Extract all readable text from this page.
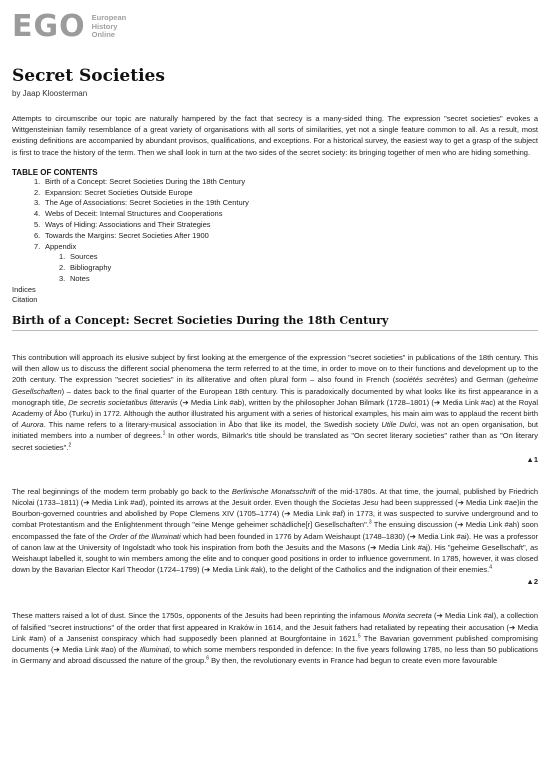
EGO European
History
Online
Secret Societies
by Jaap Kloosterman

Attempts to circumscribe our topic are naturally hampered by the fact that secrecy is a many-sided thing. The expression "secret societies" evokes a Wittgensteinian family resemblance of a great variety of organisations with all sorts of similarities, yet not a single feature common to all. As a result, most existing definitions are accompanied by abundant provisos, qualifications, and exceptions. For a historical survey, the easiest way to get a grasp of the subject is first to trace the history of the term. Then we shall look in turn at the two sides of the secret society: its bringing together of men who are hiding something.

TABLE OF CONTENTS
1. Birth of a Concept: Secret Societies During the 18th Century
2. Expansion: Secret Societies Outside Europe
3. The Age of Associations: Secret Societies in the 19th Century
4. Webs of Deceit: Internal Structures and Cooperations
5. Ways of Hiding: Associations and Their Strategies
6. Towards the Margins: Secret Societies After 1900
7. Appendix
1. Sources
2. Bibliography
3. Notes
Indices
Citation
Birth of a Concept: Secret Societies During the 18th Century

This contribution will approach its elusive subject by first looking at the emergence of the expression "secret societies" in publications of the 18th century. This will then allow us to discuss the different social phenomena the term referred to at the time, in order to move on to their functions and development up to the 20th century. The expression "secret societies" in its alliterative and often plural form – also found in French (sociétés secrètes) and German (geheime Gesellschaften) – dates back to the final quarter of the European 18th century. This is paradoxically documented by what looks like its first appearance in a monograph title, De secretis societatibus litterariis (➔ Media Link #ab), written by the philosopher Johan Bilmark (1728–1801) (➔ Media Link #ac) at the Royal Academy of Åbo (Turku) in 1772. Although the author illustrated his argument with a series of historical examples, his main aim was to applaud the recent birth of Aurora. This name refers to a literary-musical association in Åbo that like its model, the Swedish society Utile Dulci, was not an open organisation, but initiated members into a number of degrees.$^1$ In other words, Bilmark's title should be translated as "On secret literary societies" rather than as "On literary secret societies".$^2$

▲1

The real beginnings of the modern term probably go back to the Berlinische Monatsschrift of the mid-1780s. At that time, the journal, published by Friedrich Nicolai (1733–1811) (➔ Media Link #ad), pointed its arrows at the Jesuit order. Even though the Societas Jesu had been suppressed (➔ Media Link #ae)in the Bourbon-governed countries and abolished by Pope Clemens XIV (1705–1774) (➔ Media Link #af) in 1773, it was suspected to survive underground and to combat Protestantism and the Enlightenment through "eine Menge geheimer schädliche[r] Gesellschaften".$^3$ The ensuing discussion (➔ Media Link #ah) soon encompassed the fate of the Order of the Illuminati which had been founded in 1776 by Adam Weishaupt (1748–1830) (➔ Media Link #ai). He was a professor of canon law at the University of Ingolstadt who took his inspiration from both the Jesuits and the Masons (➔ Media Link #aj). His "geheime Gesellschaft", as Weishaupt labelled it, sought to win members among the elite and to conquer good positions in order to influence government. In 1785, however, it was closed down by the Bavarian Elector Karl Theodor (1724–1799) (➔ Media Link #ak), to the delight of the Catholics and the indignation of their enemies.$^4$

▲2

These matters raised a lot of dust. Since the 1750s, opponents of the Jesuits had been reprinting the infamous Monita secreta (➔ Media Link #al), a collection of falsified "secret instructions" of the order that first appeared in Kraków in 1614, and the Jesuit fathers had retaliated by repeating their accusation (➔ Media Link #am) of a Jansenist conspiracy which had supposedly been planned at Bourgfontaine in 1621.$^5$ The Bavarian government published compromising documents (➔ Media Link #ao) of the Illuminati, to which some members responded in defence: In the five years following 1785, no less than 50 publications in Germany and abroad discussed the nature of the group.$^6$ By then, the revolutionary events in France had begun to create even more favourable
